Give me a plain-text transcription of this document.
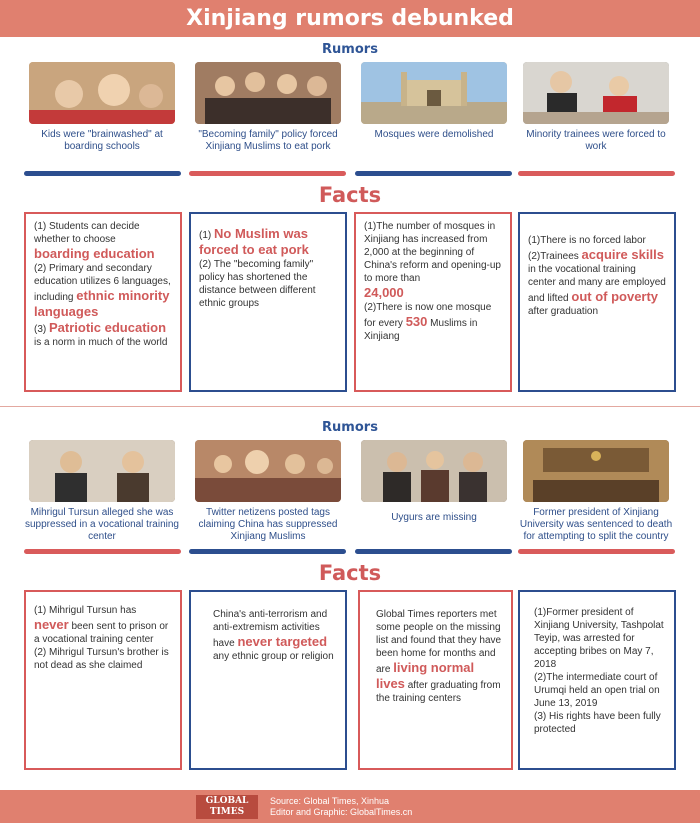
Xinjiang rumors debunked
Rumors
Kids were "brainwashed" at boarding schools
"Becoming family" policy forced Xinjiang Muslims to eat pork
Mosques were demolished	Minority trainees were forced to work
Facts
(1) Students can decide whether to choose
boarding education
(2) Primary and secondary education utilizes 6 languages, including ethnic minority languages
(3) Patriotic education
is a norm in much of the world
(1) No Muslim was forced to eat pork
(2) The "becoming family" policy has shortened the distance between different ethnic groups
(1)The number of mosques in Xinjiang has increased from 2,000 at the beginning of China's reform and opening-up to more than
24,000
(2)There is now one mosque for every 530 Muslims in Xinjiang
(1)There is no forced labor
(2)Trainees acquire skills in the vocational training center and many are employed and lifted out of poverty after graduation
Rumors
Mihrigul Tursun alleged she was suppressed in a vocational training center
Twitter netizens posted tags claiming China has suppressed Xinjiang Muslims
Uygurs are missing	Former president of Xinjiang University was sentenced to death for attempting to split the country
Facts
(1) Mihrigul Tursun has
never been sent to prison or a vocational training center
(2) Mihrigul Tursun's brother is not dead as she claimed
China's anti-terrorism and anti-extremism activities have never targeted any ethnic group or religion
Global Times reporters met some people on the missing list and found that they have been home for months and are living normal lives after graduating from the training centers
(1)Former president of Xinjiang University, Tashpolat Teyip, was arrested for accepting bribes on May 7, 2018
(2)The intermediate court of Urumqi held an open trial on June 13, 2019
(3) His rights have been fully protected
GLOBAL
TIMES
Source: Global Times, Xinhua
Editor and Graphic: GlobalTimes.cn
